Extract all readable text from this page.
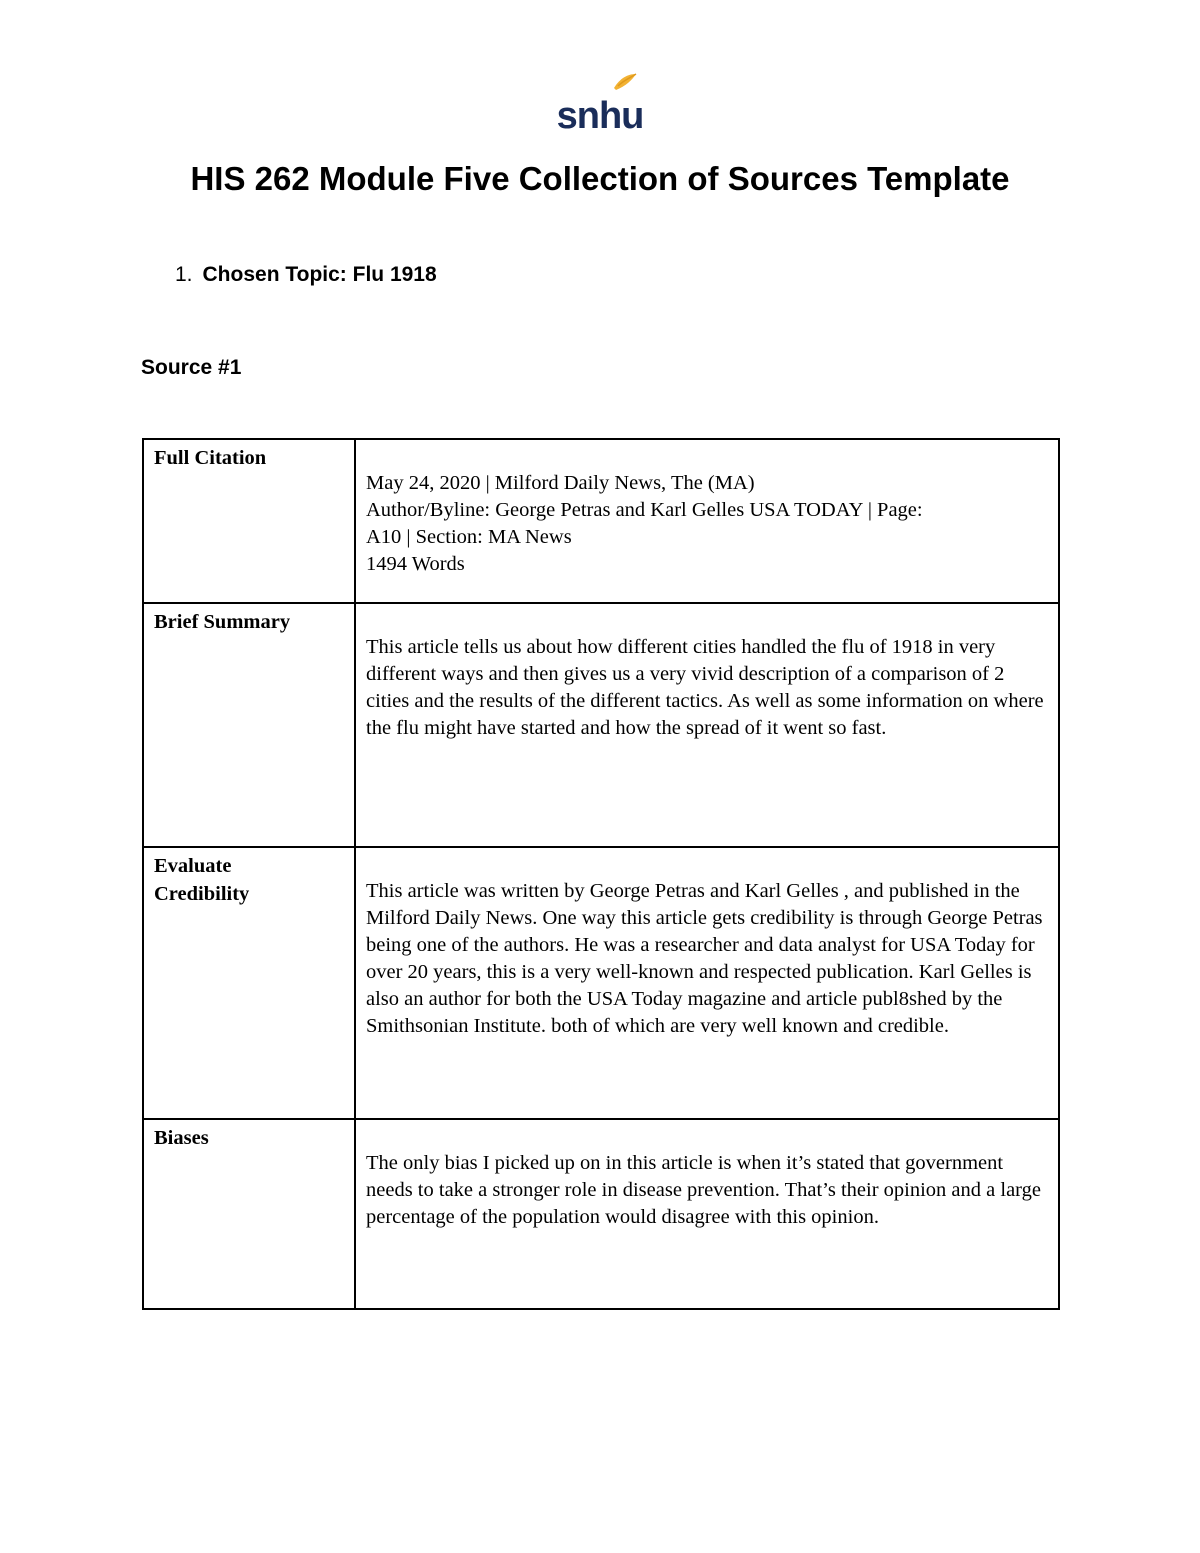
snhu
HIS 262 Module Five Collection of Sources Template
1. Chosen Topic: Flu 1918
Source #1
Full Citation	May 24, 2020 | Milford Daily News, The (MA)
Author/Byline: George Petras and Karl Gelles USA TODAY | Page:
A10 | Section: MA News
1494 Words

Brief Summary	This article tells us about how different cities handled the flu of 1918 in very different ways and then gives us a very vivid description of a comparison of 2 cities and the results of the different tactics. As well as some information on where the flu might have started and how the spread of it went so fast.
Evaluate Credibility	This article was written by George Petras and Karl Gelles , and published in the Milford Daily News. One way this article gets credibility is through George Petras being one of the authors. He was a researcher and data analyst for USA Today for over 20 years, this is a very well-known and respected publication. Karl Gelles is also an author for both the USA Today magazine and article publ8shed by the Smithsonian Institute. both of which are very well known and credible.
Biases	The only bias I picked up on in this article is when it’s stated that government needs to take a stronger role in disease prevention. That’s their opinion and a large percentage of the population would disagree with this opinion.
